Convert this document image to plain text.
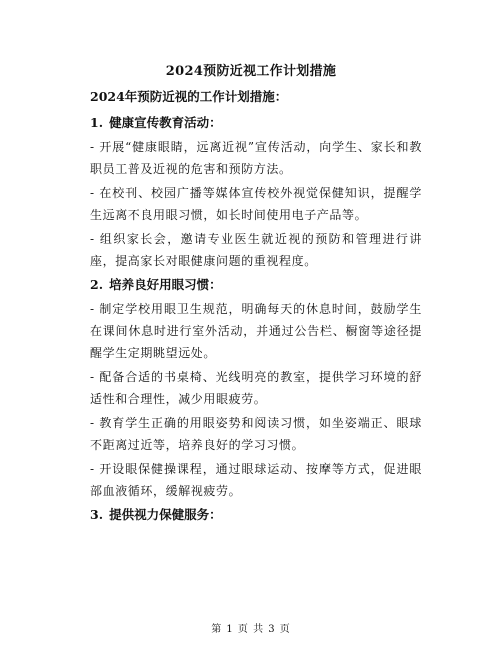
2024预防近视工作计划措施
2024年预防近视的工作计划措施：
1. 健康宣传教育活动：

- 开展“健康眼睛，远离近视”宣传活动，向学生、家长和教职员工普及近视的危害和预防方法。

- 在校刊、校园广播等媒体宣传校外视觉保健知识，提醒学生远离不良用眼习惯，如长时间使用电子产品等。

- 组织家长会，邀请专业医生就近视的预防和管理进行讲座，提高家长对眼健康问题的重视程度。

2. 培养良好用眼习惯：

- 制定学校用眼卫生规范，明确每天的休息时间，鼓励学生在课间休息时进行室外活动，并通过公告栏、橱窗等途径提醒学生定期眺望远处。

- 配备合适的书桌椅、光线明亮的教室，提供学习环境的舒适性和合理性，减少用眼疲劳。

- 教育学生正确的用眼姿势和阅读习惯，如坐姿端正、眼球不距离过近等，培养良好的学习习惯。

- 开设眼保健操课程，通过眼球运动、按摩等方式，促进眼部血液循环，缓解视疲劳。

3. 提供视力保健服务：
第 1 页 共 3 页
